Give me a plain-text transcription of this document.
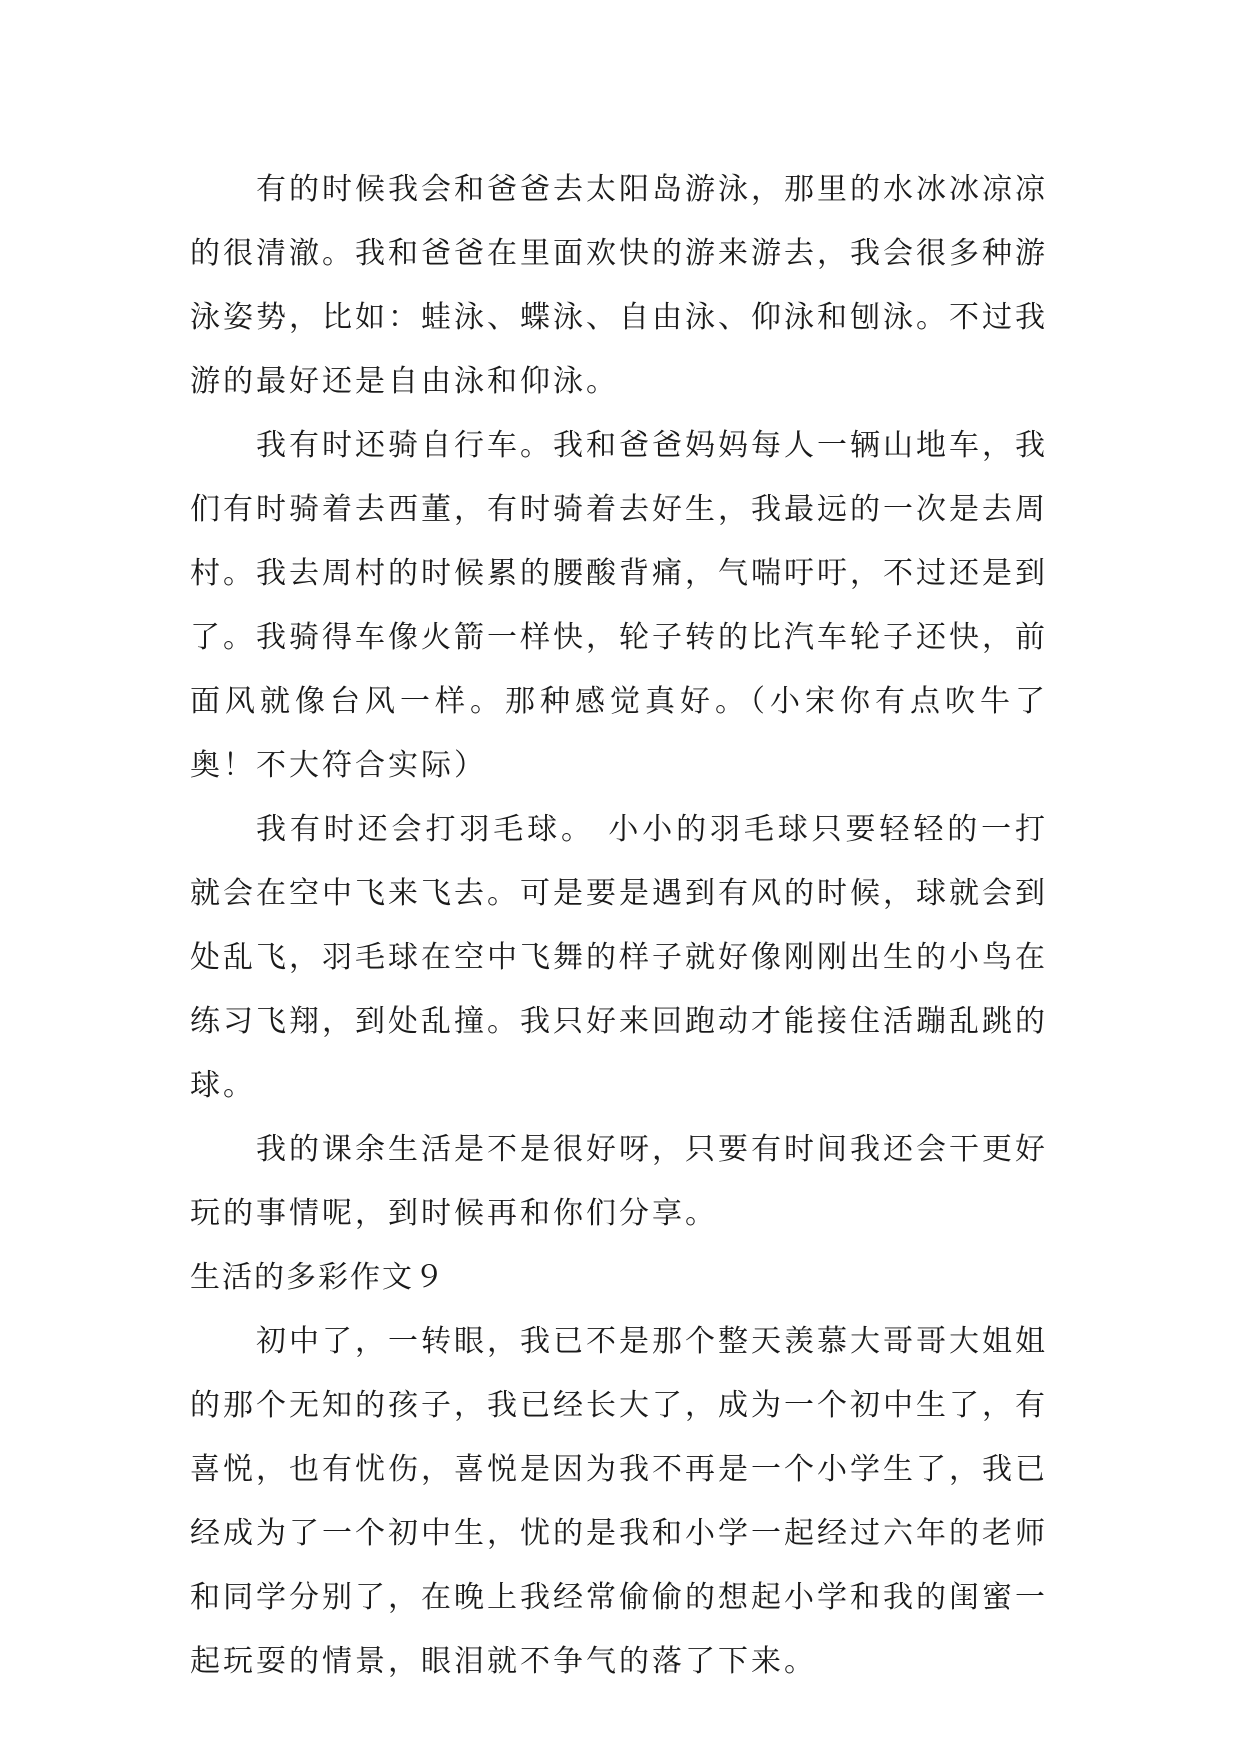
有的时候我会和爸爸去太阳岛游泳，那里的水冰冰凉凉的很清澈。我和爸爸在里面欢快的游来游去，我会很多种游泳姿势，比如：蛙泳、蝶泳、自由泳、仰泳和刨泳。不过我游的最好还是自由泳和仰泳。

我有时还骑自行车。我和爸爸妈妈每人一辆山地车，我们有时骑着去西董，有时骑着去好生，我最远的一次是去周村。我去周村的时候累的腰酸背痛，气喘吁吁，不过还是到了。我骑得车像火箭一样快，轮子转的比汽车轮子还快，前面风就像台风一样。那种感觉真好。（小宋你有点吹牛了奥！不大符合实际）

我有时还会打羽毛球。 小小的羽毛球只要轻轻的一打就会在空中飞来飞去。可是要是遇到有风的时候，球就会到处乱飞，羽毛球在空中飞舞的样子就好像刚刚出生的小鸟在练习飞翔，到处乱撞。我只好来回跑动才能接住活蹦乱跳的球。

我的课余生活是不是很好呀，只要有时间我还会干更好玩的事情呢，到时候再和你们分享。

生活的多彩作文９

初中了，一转眼，我已不是那个整天羡慕大哥哥大姐姐的那个无知的孩子，我已经长大了，成为一个初中生了，有喜悦，也有忧伤，喜悦是因为我不再是一个小学生了，我已经成为了一个初中生，忧的是我和小学一起经过六年的老师和同学分别了，在晚上我经常偷偷的想起小学和我的闺蜜一起玩耍的情景，眼泪就不争气的落了下来。
